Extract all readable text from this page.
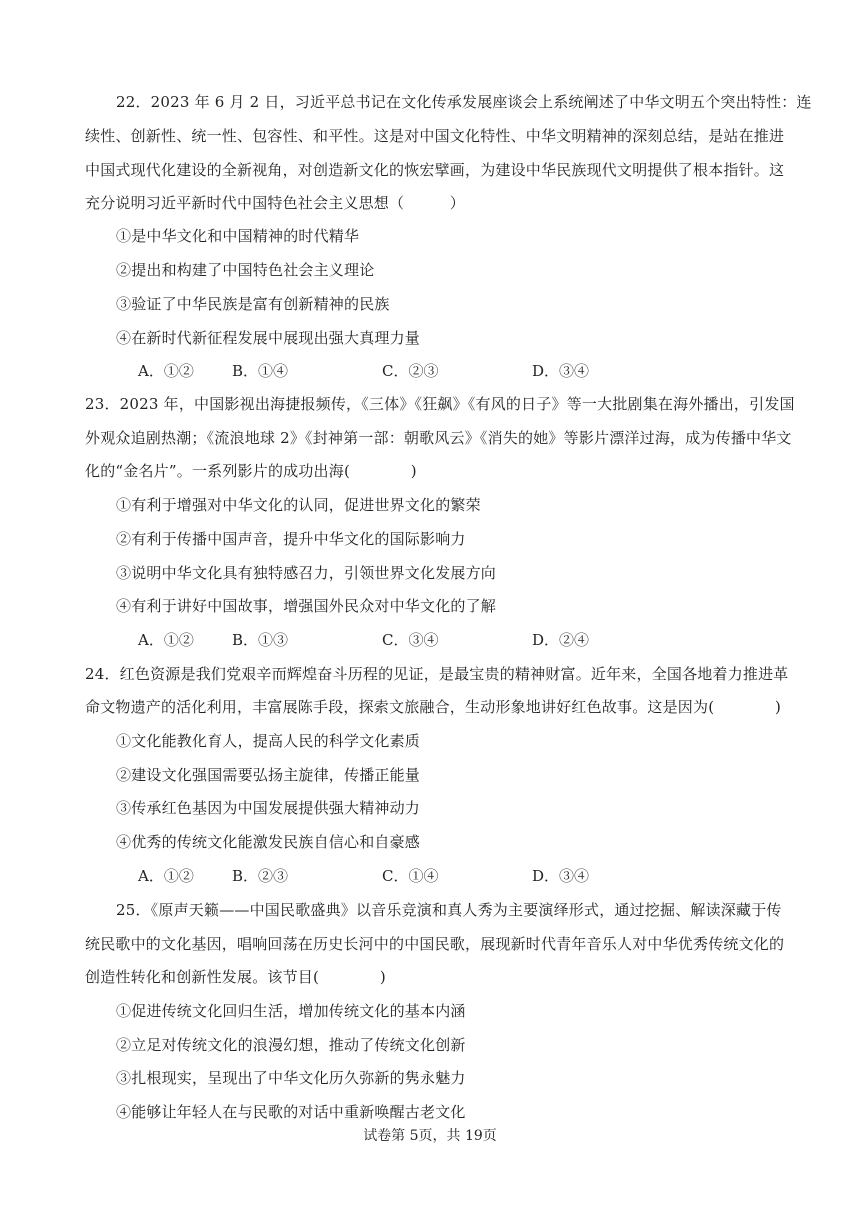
22．2023 年 6 月 2 日，习近平总书记在文化传承发展座谈会上系统阐述了中华文明五个突出特性：连
续性、创新性、统一性、包容性、和平性。这是对中国文化特性、中华文明精神的深刻总结，是站在推进
中国式现代化建设的全新视角，对创造新文化的恢宏擘画，为建设中华民族现代文明提供了根本指针。这
充分说明习近平新时代中国特色社会主义思想（　　　）
①是中华文化和中国精神的时代精华
②提出和构建了中国特色社会主义理论
③验证了中华民族是富有创新精神的民族
④在新时代新征程发展中展现出强大真理力量
A．①②	B．①④	C．②③	D．③④
23．2023 年，中国影视出海捷报频传，《三体》《狂飙》《有风的日子》等一大批剧集在海外播出，引发国
外观众追剧热潮；《流浪地球 2》《封神第一部：朝歌风云》《消失的她》等影片漂洋过海，成为传播中华文
化的“金名片”。一系列影片的成功出海(　　　　)
①有利于增强对中华文化的认同，促进世界文化的繁荣
②有利于传播中国声音，提升中华文化的国际影响力
③说明中华文化具有独特感召力，引领世界文化发展方向
④有利于讲好中国故事，增强国外民众对中华文化的了解
A．①②	B．①③	C．③④	D．②④
24．红色资源是我们党艰辛而辉煌奋斗历程的见证，是最宝贵的精神财富。近年来，全国各地着力推进革
命文物遗产的活化利用，丰富展陈手段，探索文旅融合，生动形象地讲好红色故事。这是因为(　　　　)
①文化能教化育人，提高人民的科学文化素质
②建设文化强国需要弘扬主旋律，传播正能量
③传承红色基因为中国发展提供强大精神动力
④优秀的传统文化能激发民族自信心和自豪感
A．①②	B．②③	C．①④	D．③④
25．《原声天籁——中国民歌盛典》以音乐竞演和真人秀为主要演绎形式，通过挖掘、解读深藏于传
统民歌中的文化基因，唱响回荡在历史长河中的中国民歌，展现新时代青年音乐人对中华优秀传统文化的
创造性转化和创新性发展。该节目(　　　　)
①促进传统文化回归生活，增加传统文化的基本内涵
②立足对传统文化的浪漫幻想，推动了传统文化创新
③扎根现实，呈现出了中华文化历久弥新的隽永魅力
④能够让年轻人在与民歌的对话中重新唤醒古老文化
试卷第 5页，共 19页
